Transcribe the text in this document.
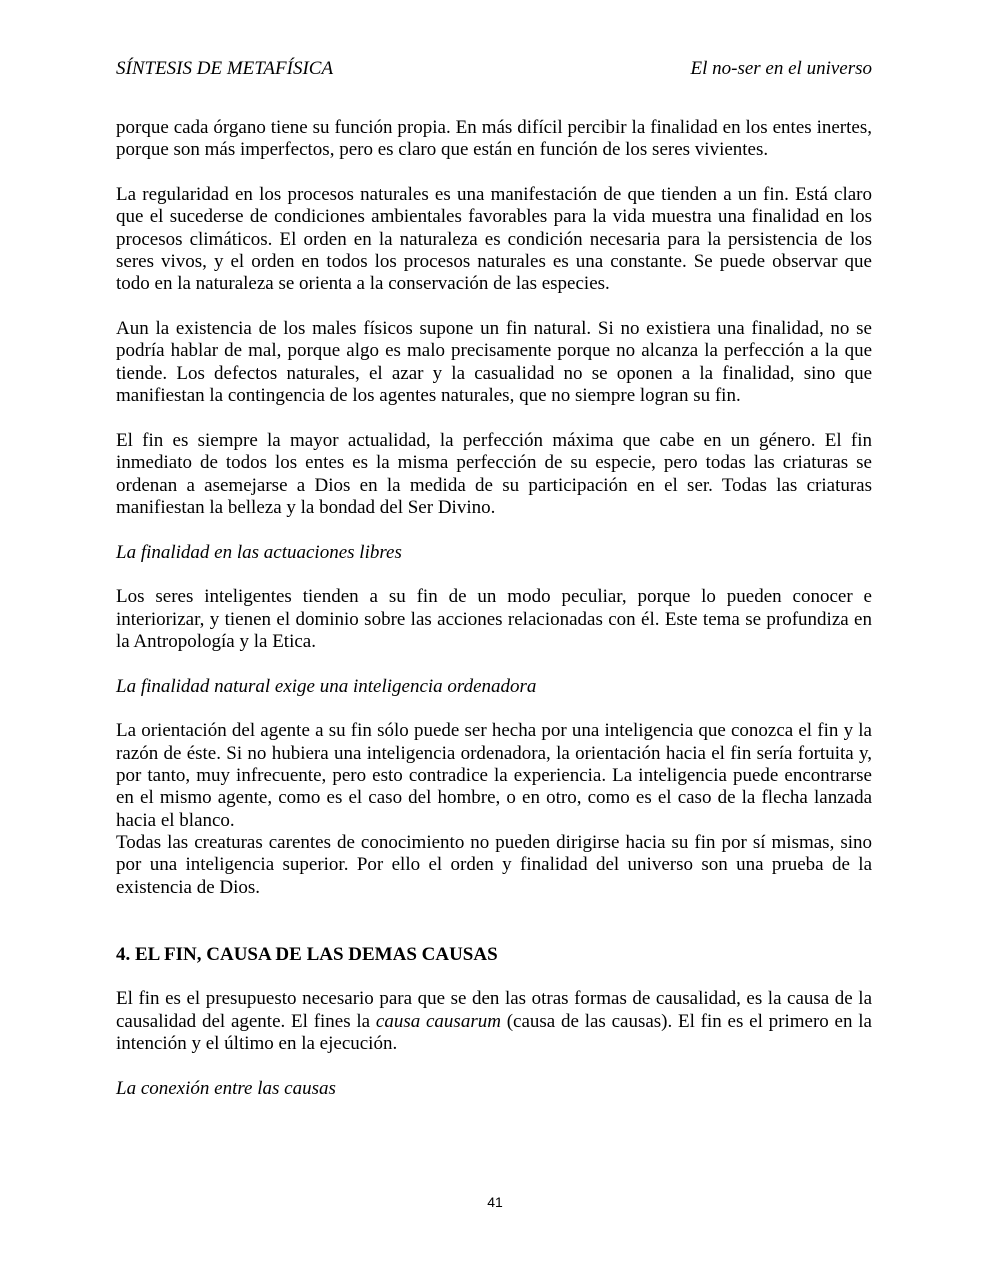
SÍNTESIS DE METAFÍSICA	El no-ser en el universo

porque cada órgano tiene su función propia. En más difícil percibir la finalidad en los entes inertes, porque son más imperfectos, pero es claro que están en función de los seres vivientes.

La regularidad en los procesos naturales es una manifestación de que tienden a un fin. Está claro que el sucederse de condiciones ambientales favorables para la vida muestra una finalidad en los procesos climáticos. El orden en la naturaleza es condición necesaria para la persistencia de los seres vivos, y el orden en todos los procesos naturales es una constante. Se puede observar que todo en la naturaleza se orienta a la conservación de las especies.

Aun la existencia de los males físicos supone un fin natural. Si no existiera una finalidad, no se podría hablar de mal, porque algo es malo precisamente porque no alcanza la perfección a la que tiende. Los defectos naturales, el azar y la casualidad no se oponen a la finalidad, sino que manifiestan la contingencia de los agentes naturales, que no siempre logran su fin.

El fin es siempre la mayor actualidad, la perfección máxima que cabe en un género. El fin inmediato de todos los entes es la misma perfección de su especie, pero todas las criaturas se ordenan a asemejarse a Dios en la medida de su participación en el ser. Todas las criaturas manifiestan la belleza y la bondad del Ser Divino.

La finalidad en las actuaciones libres

Los seres inteligentes tienden a su fin de un modo peculiar, porque lo pueden conocer e interiorizar, y tienen el dominio sobre las acciones relacionadas con él. Este tema se profundiza en la Antropología y la Etica.

La finalidad natural exige una inteligencia ordenadora

La orientación del agente a su fin sólo puede ser hecha por una inteligencia que conozca el fin y la razón de éste. Si no hubiera una inteligencia ordenadora, la orientación hacia el fin sería fortuita y, por tanto, muy infrecuente, pero esto contradice la experiencia. La inteligencia puede encontrarse en el mismo agente, como es el caso del hombre, o en otro, como es el caso de la flecha lanzada hacia el blanco.

Todas las creaturas carentes de conocimiento no pueden dirigirse hacia su fin por sí mismas, sino por una inteligencia superior. Por ello el orden y finalidad del universo son una prueba de la existencia de Dios.

4. EL FIN, CAUSA DE LAS DEMAS CAUSAS

El fin es el presupuesto necesario para que se den las otras formas de causalidad, es la causa de la causalidad del agente. El fines la causa causarum (causa de las causas). El fin es el primero en la intención y el último en la ejecución.

La conexión entre las causas
41
